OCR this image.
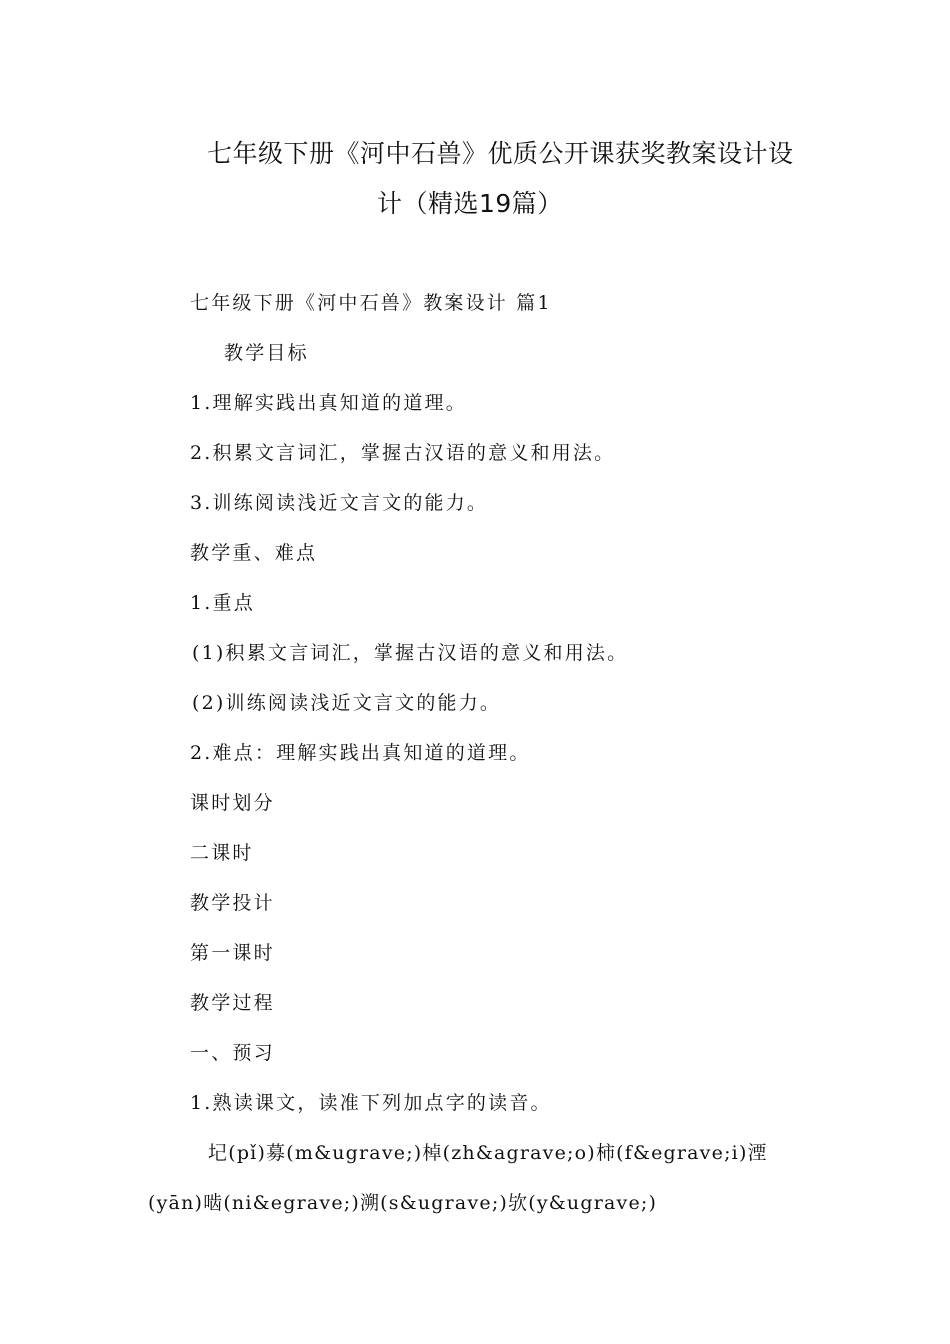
七年级下册《河中石兽》优质公开课获奖教案设计设
计（精选19篇）

七年级下册《河中石兽》教案设计 篇1

教学目标

1.理解实践出真知道的道理。

2.积累文言词汇，掌握古汉语的意义和用法。

3.训练阅读浅近文言文的能力。

教学重、难点

1.重点

(1)积累文言词汇，掌握古汉语的意义和用法。

(2)训练阅读浅近文言文的能力。

2.难点：理解实践出真知道的道理。

课时划分

二课时

教学投计

第一课时

教学过程

一、预习

1.熟读课文，读准下列加点字的读音。

圮(pǐ)募(m&ugrave;)棹(zh&agrave;o)柿(f&egrave;i)湮

(yān)啮(ni&egrave;)溯(s&ugrave;)欤(y&ugrave;)
